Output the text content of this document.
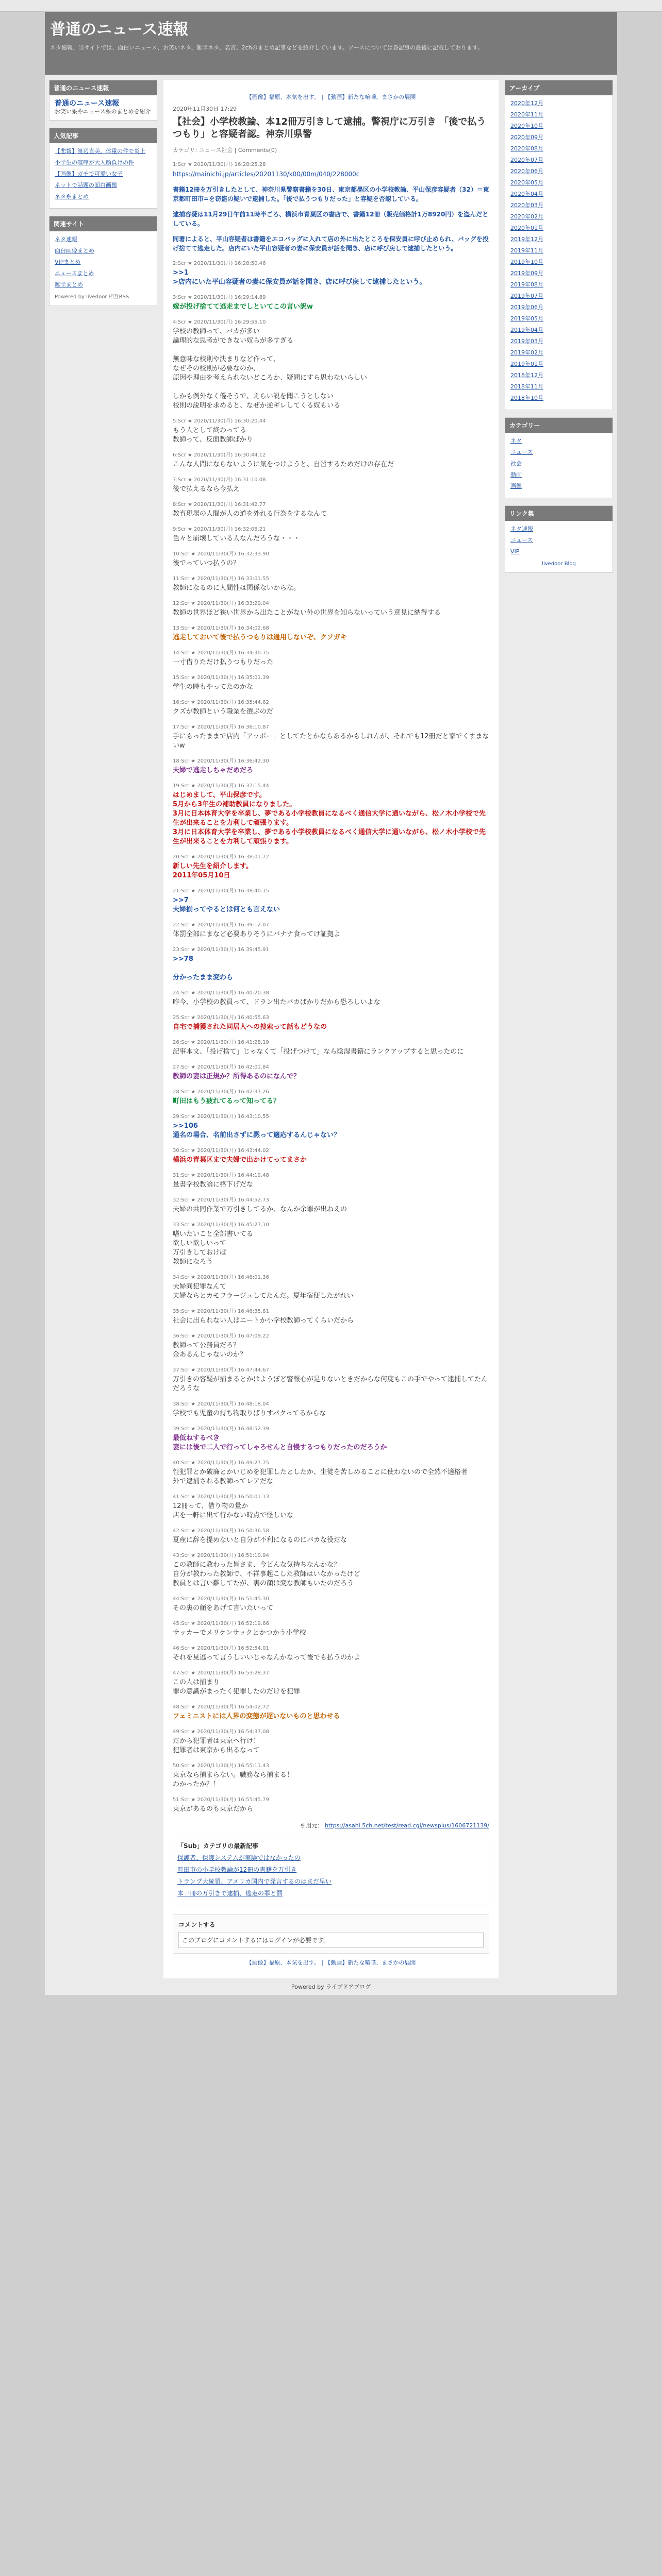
普通のニュース速報
ネタ速報、当サイトでは、面白いニュース、お笑いネタ、雑学ネタ、名言、2chのまとめ記事などを紹介しています。ソースについては各記事の最後に記載しております。
普通のニュース速報
普通のニュース速報
お笑い系やニュース系のまとめを紹介
人気記事
【悲報】渡辺直美、体重の件で炎上
小学生の喧嘩が大人顔負けの件
【画像】ガチで可愛い女子
ネットで話題の面白画像
ネタ系まとめ
関連サイト
ネタ速報
面白画像まとめ
VIPまとめ
ニュースまとめ
雑学まとめ
Powered by livedoor 相互RSS
【画像】福原、本気を出す。 | 【動画】新たな喧嘩、まさかの展開
2020年11月30日 17:29
【社会】小学校教論、本12冊万引きして逮捕。警視庁に万引き 「後で払うつもり」と容疑者認。神奈川県警
カテゴリ: ニュース社会 | Comments(0)
1:Scr ★ 2020/11/30(月) 16:28:25.28
https://mainichi.jp/articles/20201130/k00/00m/040/228000c
書籍12冊を万引きしたとして、神奈川県警察書籍を30日、東京都墨区の小学校教論、平山保彦容疑者（32）＝東京都町田市=を窃盗の疑いで逮捕した。「後で払うつもりだった」と容疑を否認している。
逮捕容疑は11月29日午前11時半ごろ、横浜市青葉区の書店で、書籍12冊（販売価格計1万8920円）を盗んだとしている。
同署によると、平山容疑者は書籍をエコバッグに入れて店の外に出たところを保安員に呼び止められ、バッグを投げ捨てて逃走した。店内にいた平山容疑者の妻に保安員が話を聞き、店に呼び戻して逮捕したという。
2:Scr ★ 2020/11/30(月) 16:28:50.46
>>1
>店内にいた平山容疑者の妻に保安員が話を聞き、店に呼び戻して逮捕したという。
3:Scr ★ 2020/11/30(月) 16:29:14.89
嫁が投げ捨てて逃走までしといてこの言い訳w
4:Scr ★ 2020/11/30(月) 16:29:55.10
学校の教師って、バカが多い
論理的な思考ができない奴らが多すぎる

無意味な校則や決まりなど作って、
なぜその校則が必要なのか、
原因や理由を考えられないどころか、疑問にすら思わないらしい

しかも例外なく優そうで、えらい説を聞こうとしない
校則の説明を求めると、なぜか逆ギレしてくる奴もいる
5:Scr ★ 2020/11/30(月) 16:30:20.44
もう人として終わってる
教師って、反面教師ばかり
6:Scr ★ 2020/11/30(月) 16:30:44.12
こんな人間にならないように気をつけようと、自習するためだけの存在だ
7:Scr ★ 2020/11/30(月) 16:31:10.08
後で払えるなら今払え
8:Scr ★ 2020/11/30(月) 16:31:42.77
教育現場の人間が人の道を外れる行為をするなんて
9:Scr ★ 2020/11/30(月) 16:32:05.21
色々と崩壊している人なんだろうな・・・
10:Scr ★ 2020/11/30(月) 16:32:33.90
後でっていつ払うの？
11:Scr ★ 2020/11/30(月) 16:33:01.55
教師になるのに人間性は関係ないからな。
12:Scr ★ 2020/11/30(月) 16:33:29.04
教師の世界ほど狭い世界から出たことがない外の世界を知らないっていう意見に納得する
13:Scr ★ 2020/11/30(月) 16:34:02.68
逃走しておいて後で払うつもりは通用しないぞ、クソガキ
14:Scr ★ 2020/11/30(月) 16:34:30.15
一寸借りただけ払うつもりだった
15:Scr ★ 2020/11/30(月) 16:35:01.39
学生の時もやってたのかな
16:Scr ★ 2020/11/30(月) 16:35:44.62
クズが教師という職業を選ぶのだ
17:Scr ★ 2020/11/30(月) 16:36:10.87
手にもったままで店内「アッポー」としてたとかならあるかもしれんが、それでも12冊だと家でくすまないw
18:Scr ★ 2020/11/30(月) 16:36:42.30
夫婦で逃走しちゃだめだろ
19:Scr ★ 2020/11/30(月) 16:37:15.44
はじめまして、平山保彦です。
5月から3年生の補助教員になりました。
3月に日本体育大学を卒業し、夢である小学校教員になるべく通信大学に通いながら、松ノ木小学校で先生が出来ることを力利して頑張ります。
3月に日本体育大学を卒業し、夢である小学校教員になるべく通信大学に通いながら、松ノ木小学校で先生が出来ることを力利して頑張ります。
20:Scr ★ 2020/11/30(月) 16:38:01.72
新しい先生を紹介します。
2011年05月10日
21:Scr ★ 2020/11/30(月) 16:38:40.15
>>7
夫婦揃ってやるとは何とも言えない
22:Scr ★ 2020/11/30(月) 16:39:12.07
体罰全部にまなど必要ありそうにバナナ食ってけ証拠よ
23:Scr ★ 2020/11/30(月) 16:39:45.91
>>78

分かったまま変わら
24:Scr ★ 2020/11/30(月) 16:40:20.38
昨今、小学校の教員って、ドラン出たバカばかりだから恐ろしいよな
25:Scr ★ 2020/11/30(月) 16:40:55.63
自宅で捕獲された同居人への捜索って話もどうなの
26:Scr ★ 2020/11/30(月) 16:41:28.19
記事本文、「投げ捨て」じゃなくて「投げつけて」なら陰湿書籍にランクアップすると思ったのに
27:Scr ★ 2020/11/30(月) 16:42:01.84
教師の妻は正規か？所得あるのになんで？
28:Scr ★ 2020/11/30(月) 16:42:37.26
町田はもう疲れてるって知ってる？
29:Scr ★ 2020/11/30(月) 16:43:10.55
>>106
通名の場合、名前出さずに黙って適応するんじゃない？
30:Scr ★ 2020/11/30(月) 16:43:44.02
横浜の青葉区まで夫婦で出かけてってまさか
31:Scr ★ 2020/11/30(月) 16:44:19.48
量書学校教論に格下げだな
32:Scr ★ 2020/11/30(月) 16:44:52.73
夫婦の共同作業で万引きしてるか、なんか余罪が出ねえの
33:Scr ★ 2020/11/30(月) 16:45:27.10
嗜いたいこと全部書いてる
欲しい欲しいって
万引きしておけば
教師になろう
34:Scr ★ 2020/11/30(月) 16:46:01.36
夫婦同犯罪なんて
夫婦ならとカモフラージュしてたんだ。夏年宿便したがれい
35:Scr ★ 2020/11/30(月) 16:46:35.81
社会に出られない人はニートか小学校教師ってくらいだから
36:Scr ★ 2020/11/30(月) 16:47:09.22
教師って公務員だろ？
金あるんじゃないのか？
37:Scr ★ 2020/11/30(月) 16:47:44.67
万引きの容疑が捕まるとかはようぼど警報心が足りないときだからな何度もこの手でやって逮捕してたんだろうな
38:Scr ★ 2020/11/30(月) 16:48:18.04
学校でも児童の持ち物取りばりすパクってるからな
39:Scr ★ 2020/11/30(月) 16:48:52.39
最低ねするべき
妻には後で二人で行ってしゃろせんと自慢するつもりだったのだろうか
40:Scr ★ 2020/11/30(月) 16:49:27.75
性犯罪とか破廉とかいじめを犯罪したとしたか、生徒を苦しめることに使わないので全然不適格者
外で逮捕される教師ってレアだな
41:Scr ★ 2020/11/30(月) 16:50:01.13
12冊って、借り物の量か
店を一軒に出て行かない時点で怪しいな
42:Scr ★ 2020/11/30(月) 16:50:36.58
夏産に辞を提めないと自分が不利になるのにバカな役だな
43:Scr ★ 2020/11/30(月) 16:51:10.94
この教師に教わった皆さま、今どんな気持ちなんかな？
自分が教わった教師で、不祥事起こした教師はいなかったけど
教員とは言い難してたが、裏の顔は変な教師もいたのだろう
44:Scr ★ 2020/11/30(月) 16:51:45.30
その裏の顔をあげて言いたいって
45:Scr ★ 2020/11/30(月) 16:52:19.66
サッカーでメリケンサックとかつかう小学校
46:Scr ★ 2020/11/30(月) 16:52:54.01
それを見逃って言うしいいじゃなんかなって後でも払うのかよ
47:Scr ★ 2020/11/30(月) 16:53:28.37
この人は捕まり
罪の意識がまったく犯罪したのだけを犯罪
48:Scr ★ 2020/11/30(月) 16:54:02.72
フェミニストには人界の変態が遅いないものと思わせる
49:Scr ★ 2020/11/30(月) 16:54:37.08
だから犯罪者は東京へ行け！
犯罪者は東京から出るなって
50:Scr ★ 2020/11/30(月) 16:55:11.43
東京なら捕まらない。職務なら捕まる！
わかったか？！
51:Scr ★ 2020/11/30(月) 16:55:45.79
東京があるのも東京だから
引用元： https://asahi.5ch.net/test/read.cgi/newsplus/1606721139/
「Sub」カテゴリの最新記事
保護者、保護システムが実験ではなかったの
町田市の小学校教論が12冊の書籍を万引き
トランプ大統領、アメリカ国内で発言するのはまだ早い
本一冊の万引きで逮捕、逃走の罪と罰
コメントする
このブログにコメントするにはログインが必要です。
【画像】福原、本気を出す。 | 【動画】新たな喧嘩、まさかの展開
アーカイブ
2020年12月
2020年11月
2020年10月
2020年09月
2020年08月
2020年07月
2020年06月
2020年05月
2020年04月
2020年03月
2020年02月
2020年01月
2019年12月
2019年11月
2019年10月
2019年09月
2019年08月
2019年07月
2019年06月
2019年05月
2019年04月
2019年03月
2019年02月
2019年01月
2018年12月
2018年11月
2018年10月
カテゴリー
ネタ
ニュース
社会
動画
画像
リンク集
ネタ速報
ニュース
VIP
livedoor Blog
Powered by ライブドアブログ
